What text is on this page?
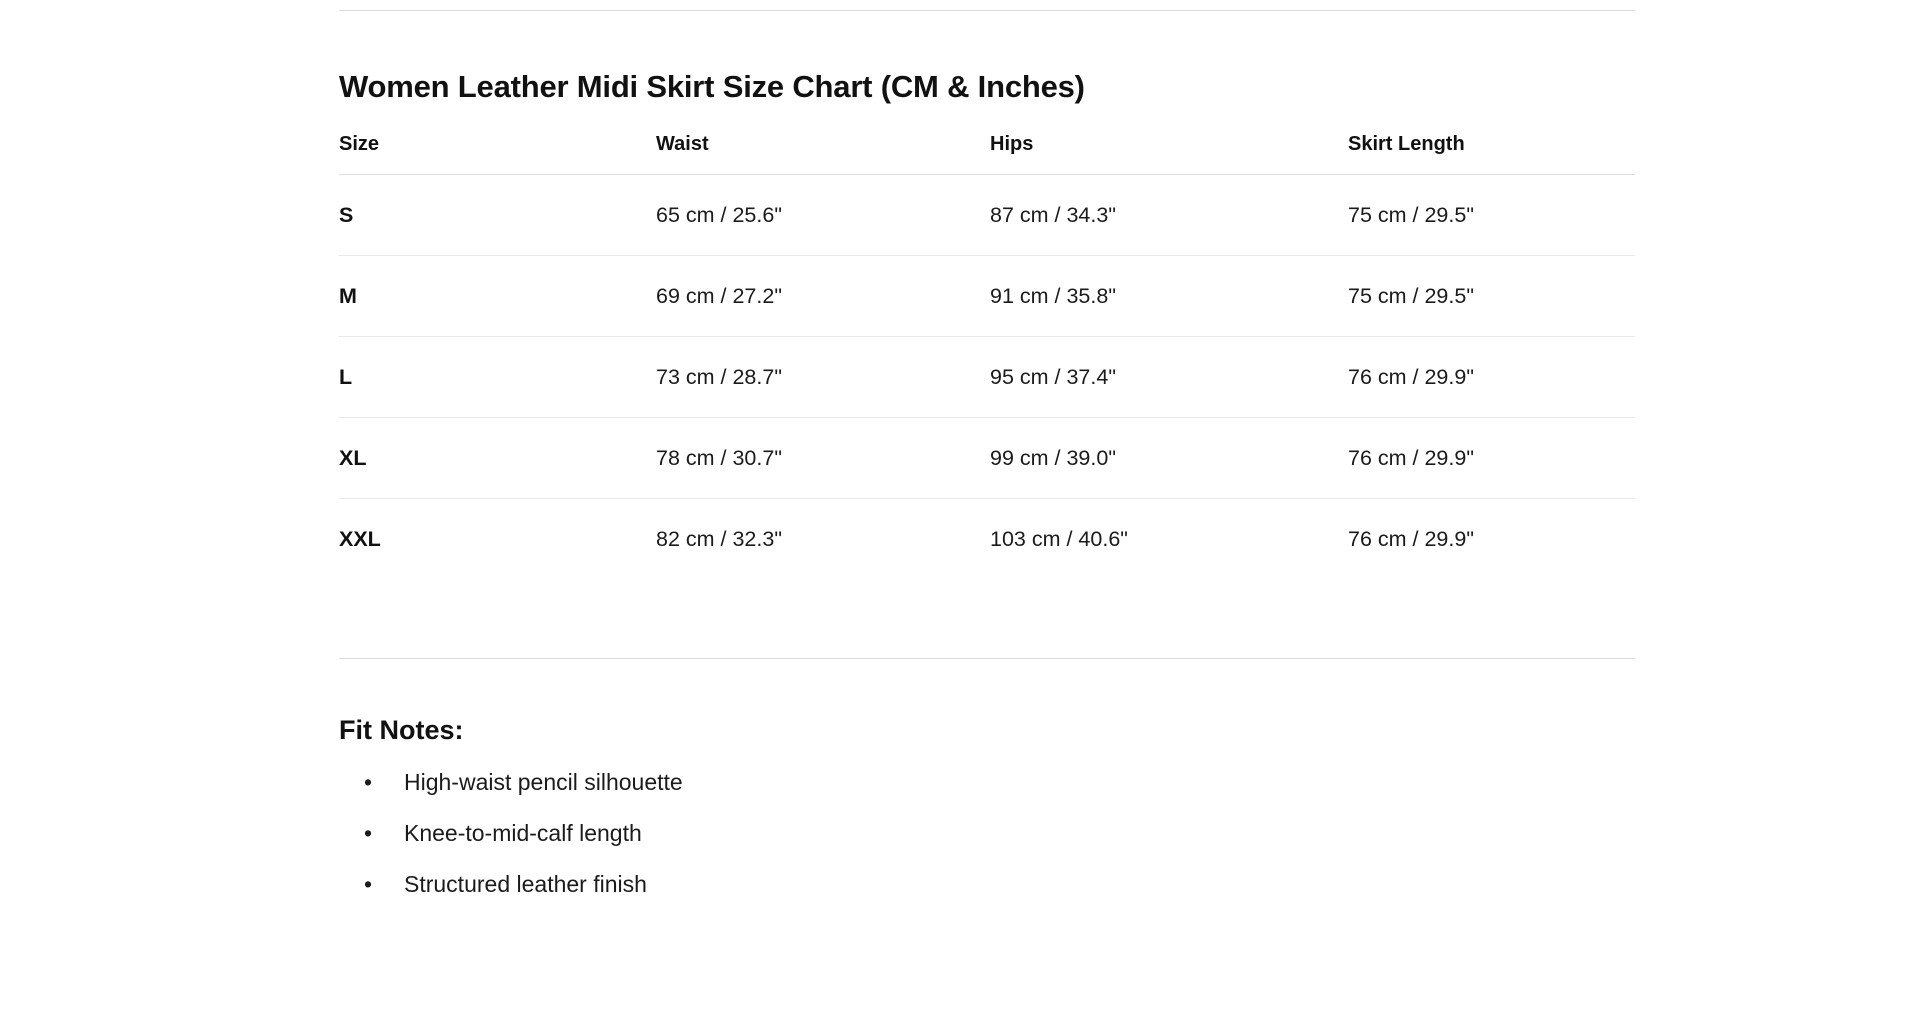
Women Leather Midi Skirt Size Chart (CM & Inches)
Size	Waist	Hips	Skirt Length
S	65 cm / 25.6"	87 cm / 34.3"	75 cm / 29.5"
M	69 cm / 27.2"	91 cm / 35.8"	75 cm / 29.5"
L	73 cm / 28.7"	95 cm / 37.4"	76 cm / 29.9"
XL	78 cm / 30.7"	99 cm / 39.0"	76 cm / 29.9"
XXL	82 cm / 32.3"	103 cm / 40.6"	76 cm / 29.9"
Fit Notes:
• High-waist pencil silhouette
• Knee-to-mid-calf length
• Structured leather finish
